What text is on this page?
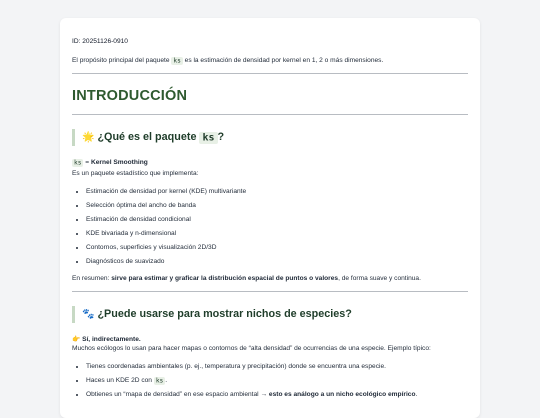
ID: 20251126-0910

El propósito principal del paquete ks es la estimación de densidad por kernel en 1, 2 o más dimensiones.

INTRODUCCIÓN
🌟 ¿Qué es el paquete ks ?

ks = Kernel Smoothing

Es un paquete estadístico que implementa:

• Estimación de densidad por kernel (KDE) multivariante
• Selección óptima del ancho de banda
• Estimación de densidad condicional
• KDE bivariada y n-dimensional
• Contornos, superficies y visualización 2D/3D
• Diagnósticos de suavizado

En resumen: sirve para estimar y graficar la distribución espacial de puntos o valores, de forma suave y continua.

🐾 ¿Puede usarse para mostrar nichos de especies?

👉 Sí, indirectamente.

Muchos ecólogos lo usan para hacer mapas o contornos de “alta densidad” de ocurrencias de una especie. Ejemplo típico:

• Tienes coordenadas ambientales (p. ej., temperatura y precipitación) donde se encuentra una especie.
• Haces un KDE 2D con ks .
• Obtienes un “mapa de densidad” en ese espacio ambiental → esto es análogo a un nicho ecológico empírico.
